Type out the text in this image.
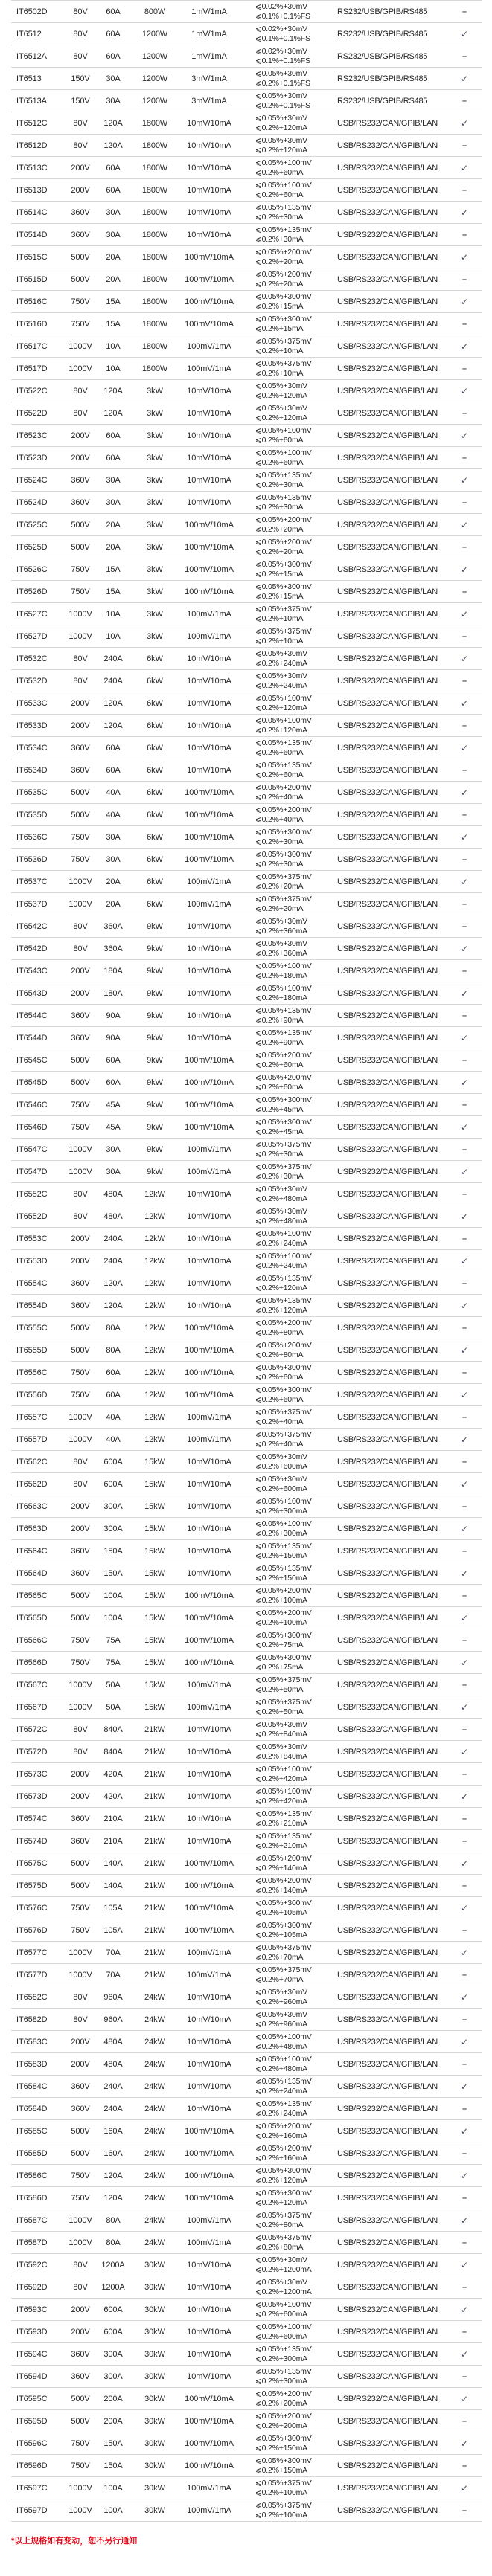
IT6502D	80V	60A	800W	1mV/1mA
⩽0.02%+30mV
⩽0.1%+0.1%FS	RS232/USB/GPIB/RS485	–
IT6512	80V	60A	1200W	1mV/1mA
⩽0.02%+30mV
⩽0.1%+0.1%FS	RS232/USB/GPIB/RS485	✓
IT6512A	80V	60A	1200W	1mV/1mA
⩽0.02%+30mV
⩽0.1%+0.1%FS	RS232/USB/GPIB/RS485	–
IT6513	150V	30A	1200W	3mV/1mA
⩽0.05%+30mV
⩽0.2%+0.1%FS	RS232/USB/GPIB/RS485	✓
IT6513A	150V	30A	1200W	3mV/1mA
⩽0.05%+30mV
⩽0.2%+0.1%FS	RS232/USB/GPIB/RS485	–
IT6512C	80V	120A	1800W	10mV/10mA
⩽0.05%+30mV
⩽0.2%+120mA	USB/RS232/CAN/GPIB/LAN	✓
IT6512D	80V	120A	1800W	10mV/10mA
⩽0.05%+30mV
⩽0.2%+120mA	USB/RS232/CAN/GPIB/LAN	–
IT6513C	200V	60A	1800W	10mV/10mA
⩽0.05%+100mV
⩽0.2%+60mA	USB/RS232/CAN/GPIB/LAN	✓
IT6513D	200V	60A	1800W	10mV/10mA
⩽0.05%+100mV
⩽0.2%+60mA	USB/RS232/CAN/GPIB/LAN	–
IT6514C	360V	30A	1800W	10mV/10mA
⩽0.05%+135mV
⩽0.2%+30mA	USB/RS232/CAN/GPIB/LAN	✓
IT6514D	360V	30A	1800W	10mV/10mA
⩽0.05%+135mV
⩽0.2%+30mA	USB/RS232/CAN/GPIB/LAN	–
IT6515C	500V	20A	1800W	100mV/10mA
⩽0.05%+200mV
⩽0.2%+20mA	USB/RS232/CAN/GPIB/LAN	✓
IT6515D	500V	20A	1800W	100mV/10mA
⩽0.05%+200mV
⩽0.2%+20mA	USB/RS232/CAN/GPIB/LAN	–
IT6516C	750V	15A	1800W	100mV/10mA
⩽0.05%+300mV
⩽0.2%+15mA	USB/RS232/CAN/GPIB/LAN	✓
IT6516D	750V	15A	1800W	100mV/10mA
⩽0.05%+300mV
⩽0.2%+15mA	USB/RS232/CAN/GPIB/LAN	–
IT6517C	1000V	10A	1800W	100mV/1mA
⩽0.05%+375mV
⩽0.2%+10mA	USB/RS232/CAN/GPIB/LAN	✓
IT6517D	1000V	10A	1800W	100mV/1mA
⩽0.05%+375mV
⩽0.2%+10mA	USB/RS232/CAN/GPIB/LAN	–
IT6522C	80V	120A	3kW	10mV/10mA
⩽0.05%+30mV
⩽0.2%+120mA	USB/RS232/CAN/GPIB/LAN	✓
IT6522D	80V	120A	3kW	10mV/10mA
⩽0.05%+30mV
⩽0.2%+120mA	USB/RS232/CAN/GPIB/LAN	–
IT6523C	200V	60A	3kW	10mV/10mA
⩽0.05%+100mV
⩽0.2%+60mA	USB/RS232/CAN/GPIB/LAN	✓
IT6523D	200V	60A	3kW	10mV/10mA
⩽0.05%+100mV
⩽0.2%+60mA	USB/RS232/CAN/GPIB/LAN	–
IT6524C	360V	30A	3kW	10mV/10mA
⩽0.05%+135mV
⩽0.2%+30mA	USB/RS232/CAN/GPIB/LAN	✓
IT6524D	360V	30A	3kW	10mV/10mA
⩽0.05%+135mV
⩽0.2%+30mA	USB/RS232/CAN/GPIB/LAN	–
IT6525C	500V	20A	3kW	100mV/10mA
⩽0.05%+200mV
⩽0.2%+20mA	USB/RS232/CAN/GPIB/LAN	✓
IT6525D	500V	20A	3kW	100mV/10mA
⩽0.05%+200mV
⩽0.2%+20mA	USB/RS232/CAN/GPIB/LAN	–
IT6526C	750V	15A	3kW	100mV/10mA
⩽0.05%+300mV
⩽0.2%+15mA	USB/RS232/CAN/GPIB/LAN	✓
IT6526D	750V	15A	3kW	100mV/10mA
⩽0.05%+300mV
⩽0.2%+15mA	USB/RS232/CAN/GPIB/LAN	–
IT6527C	1000V	10A	3kW	100mV/1mA
⩽0.05%+375mV
⩽0.2%+10mA	USB/RS232/CAN/GPIB/LAN	✓
IT6527D	1000V	10A	3kW	100mV/1mA
⩽0.05%+375mV
⩽0.2%+10mA	USB/RS232/CAN/GPIB/LAN	–
IT6532C	80V	240A	6kW	10mV/10mA
⩽0.05%+30mV
⩽0.2%+240mA	USB/RS232/CAN/GPIB/LAN	✓
IT6532D	80V	240A	6kW	10mV/10mA
⩽0.05%+30mV
⩽0.2%+240mA	USB/RS232/CAN/GPIB/LAN	–
IT6533C	200V	120A	6kW	10mV/10mA
⩽0.05%+100mV
⩽0.2%+120mA	USB/RS232/CAN/GPIB/LAN	✓
IT6533D	200V	120A	6kW	10mV/10mA
⩽0.05%+100mV
⩽0.2%+120mA	USB/RS232/CAN/GPIB/LAN	–
IT6534C	360V	60A	6kW	10mV/10mA
⩽0.05%+135mV
⩽0.2%+60mA	USB/RS232/CAN/GPIB/LAN	✓
IT6534D	360V	60A	6kW	10mV/10mA
⩽0.05%+135mV
⩽0.2%+60mA	USB/RS232/CAN/GPIB/LAN	–
IT6535C	500V	40A	6kW	100mV/10mA
⩽0.05%+200mV
⩽0.2%+40mA	USB/RS232/CAN/GPIB/LAN	✓
IT6535D	500V	40A	6kW	100mV/10mA
⩽0.05%+200mV
⩽0.2%+40mA	USB/RS232/CAN/GPIB/LAN	–
IT6536C	750V	30A	6kW	100mV/10mA
⩽0.05%+300mV
⩽0.2%+30mA	USB/RS232/CAN/GPIB/LAN	✓
IT6536D	750V	30A	6kW	100mV/10mA
⩽0.05%+300mV
⩽0.2%+30mA	USB/RS232/CAN/GPIB/LAN	–
IT6537C	1000V	20A	6kW	100mV/1mA
⩽0.05%+375mV
⩽0.2%+20mA	USB/RS232/CAN/GPIB/LAN	✓
IT6537D	1000V	20A	6kW	100mV/1mA
⩽0.05%+375mV
⩽0.2%+20mA	USB/RS232/CAN/GPIB/LAN	–
IT6542C	80V	360A	9kW	10mV/10mA
⩽0.05%+30mV
⩽0.2%+360mA	USB/RS232/CAN/GPIB/LAN	–
IT6542D	80V	360A	9kW	10mV/10mA
⩽0.05%+30mV
⩽0.2%+360mA	USB/RS232/CAN/GPIB/LAN	✓
IT6543C	200V	180A	9kW	10mV/10mA
⩽0.05%+100mV
⩽0.2%+180mA	USB/RS232/CAN/GPIB/LAN	–
IT6543D	200V	180A	9kW	10mV/10mA
⩽0.05%+100mV
⩽0.2%+180mA	USB/RS232/CAN/GPIB/LAN	✓
IT6544C	360V	90A	9kW	10mV/10mA
⩽0.05%+135mV
⩽0.2%+90mA	USB/RS232/CAN/GPIB/LAN	–
IT6544D	360V	90A	9kW	10mV/10mA
⩽0.05%+135mV
⩽0.2%+90mA	USB/RS232/CAN/GPIB/LAN	✓
IT6545C	500V	60A	9kW	100mV/10mA
⩽0.05%+200mV
⩽0.2%+60mA	USB/RS232/CAN/GPIB/LAN	–
IT6545D	500V	60A	9kW	100mV/10mA
⩽0.05%+200mV
⩽0.2%+60mA	USB/RS232/CAN/GPIB/LAN	✓
IT6546C	750V	45A	9kW	100mV/10mA
⩽0.05%+300mV
⩽0.2%+45mA	USB/RS232/CAN/GPIB/LAN	–
IT6546D	750V	45A	9kW	100mV/10mA
⩽0.05%+300mV
⩽0.2%+45mA	USB/RS232/CAN/GPIB/LAN	✓
IT6547C	1000V	30A	9kW	100mV/1mA
⩽0.05%+375mV
⩽0.2%+30mA	USB/RS232/CAN/GPIB/LAN	–
IT6547D	1000V	30A	9kW	100mV/1mA
⩽0.05%+375mV
⩽0.2%+30mA	USB/RS232/CAN/GPIB/LAN	✓
IT6552C	80V	480A	12kW	10mV/10mA
⩽0.05%+30mV
⩽0.2%+480mA	USB/RS232/CAN/GPIB/LAN	–
IT6552D	80V	480A	12kW	10mV/10mA
⩽0.05%+30mV
⩽0.2%+480mA	USB/RS232/CAN/GPIB/LAN	✓
IT6553C	200V	240A	12kW	10mV/10mA
⩽0.05%+100mV
⩽0.2%+240mA	USB/RS232/CAN/GPIB/LAN	–
IT6553D	200V	240A	12kW	10mV/10mA
⩽0.05%+100mV
⩽0.2%+240mA	USB/RS232/CAN/GPIB/LAN	✓
IT6554C	360V	120A	12kW	10mV/10mA
⩽0.05%+135mV
⩽0.2%+120mA	USB/RS232/CAN/GPIB/LAN	–
IT6554D	360V	120A	12kW	10mV/10mA
⩽0.05%+135mV
⩽0.2%+120mA	USB/RS232/CAN/GPIB/LAN	✓
IT6555C	500V	80A	12kW	100mV/10mA
⩽0.05%+200mV
⩽0.2%+80mA	USB/RS232/CAN/GPIB/LAN	–
IT6555D	500V	80A	12kW	100mV/10mA
⩽0.05%+200mV
⩽0.2%+80mA	USB/RS232/CAN/GPIB/LAN	✓
IT6556C	750V	60A	12kW	100mV/10mA
⩽0.05%+300mV
⩽0.2%+60mA	USB/RS232/CAN/GPIB/LAN	–
IT6556D	750V	60A	12kW	100mV/10mA
⩽0.05%+300mV
⩽0.2%+60mA	USB/RS232/CAN/GPIB/LAN	✓
IT6557C	1000V	40A	12kW	100mV/1mA
⩽0.05%+375mV
⩽0.2%+40mA	USB/RS232/CAN/GPIB/LAN	–
IT6557D	1000V	40A	12kW	100mV/1mA
⩽0.05%+375mV
⩽0.2%+40mA	USB/RS232/CAN/GPIB/LAN	✓
IT6562C	80V	600A	15kW	10mV/10mA
⩽0.05%+30mV
⩽0.2%+600mA	USB/RS232/CAN/GPIB/LAN	–
IT6562D	80V	600A	15kW	10mV/10mA
⩽0.05%+30mV
⩽0.2%+600mA	USB/RS232/CAN/GPIB/LAN	✓
IT6563C	200V	300A	15kW	10mV/10mA
⩽0.05%+100mV
⩽0.2%+300mA	USB/RS232/CAN/GPIB/LAN	–
IT6563D	200V	300A	15kW	10mV/10mA
⩽0.05%+100mV
⩽0.2%+300mA	USB/RS232/CAN/GPIB/LAN	✓
IT6564C	360V	150A	15kW	10mV/10mA
⩽0.05%+135mV
⩽0.2%+150mA	USB/RS232/CAN/GPIB/LAN	–
IT6564D	360V	150A	15kW	10mV/10mA
⩽0.05%+135mV
⩽0.2%+150mA	USB/RS232/CAN/GPIB/LAN	✓
IT6565C	500V	100A	15kW	100mV/10mA
⩽0.05%+200mV
⩽0.2%+100mA	USB/RS232/CAN/GPIB/LAN	–
IT6565D	500V	100A	15kW	100mV/10mA
⩽0.05%+200mV
⩽0.2%+100mA	USB/RS232/CAN/GPIB/LAN	✓
IT6566C	750V	75A	15kW	100mV/10mA
⩽0.05%+300mV
⩽0.2%+75mA	USB/RS232/CAN/GPIB/LAN	–
IT6566D	750V	75A	15kW	100mV/10mA
⩽0.05%+300mV
⩽0.2%+75mA	USB/RS232/CAN/GPIB/LAN	✓
IT6567C	1000V	50A	15kW	100mV/1mA
⩽0.05%+375mV
⩽0.2%+50mA	USB/RS232/CAN/GPIB/LAN	–
IT6567D	1000V	50A	15kW	100mV/1mA
⩽0.05%+375mV
⩽0.2%+50mA	USB/RS232/CAN/GPIB/LAN	✓
IT6572C	80V	840A	21kW	10mV/10mA
⩽0.05%+30mV
⩽0.2%+840mA	USB/RS232/CAN/GPIB/LAN	–
IT6572D	80V	840A	21kW	10mV/10mA
⩽0.05%+30mV
⩽0.2%+840mA	USB/RS232/CAN/GPIB/LAN	✓
IT6573C	200V	420A	21kW	10mV/10mA
⩽0.05%+100mV
⩽0.2%+420mA	USB/RS232/CAN/GPIB/LAN	–
IT6573D	200V	420A	21kW	10mV/10mA
⩽0.05%+100mV
⩽0.2%+420mA	USB/RS232/CAN/GPIB/LAN	✓
IT6574C	360V	210A	21kW	10mV/10mA
⩽0.05%+135mV
⩽0.2%+210mA	USB/RS232/CAN/GPIB/LAN	–
IT6574D	360V	210A	21kW	10mV/10mA
⩽0.05%+135mV
⩽0.2%+210mA	USB/RS232/CAN/GPIB/LAN	–
IT6575C	500V	140A	21kW	100mV/10mA
⩽0.05%+200mV
⩽0.2%+140mA	USB/RS232/CAN/GPIB/LAN	✓
IT6575D	500V	140A	21kW	100mV/10mA
⩽0.05%+200mV
⩽0.2%+140mA	USB/RS232/CAN/GPIB/LAN	–
IT6576C	750V	105A	21kW	100mV/10mA
⩽0.05%+300mV
⩽0.2%+105mA	USB/RS232/CAN/GPIB/LAN	✓
IT6576D	750V	105A	21kW	100mV/10mA
⩽0.05%+300mV
⩽0.2%+105mA	USB/RS232/CAN/GPIB/LAN	–
IT6577C	1000V	70A	21kW	100mV/1mA
⩽0.05%+375mV
⩽0.2%+70mA	USB/RS232/CAN/GPIB/LAN	✓
IT6577D	1000V	70A	21kW	100mV/1mA
⩽0.05%+375mV
⩽0.2%+70mA	USB/RS232/CAN/GPIB/LAN	–
IT6582C	80V	960A	24kW	10mV/10mA
⩽0.05%+30mV
⩽0.2%+960mA	USB/RS232/CAN/GPIB/LAN	✓
IT6582D	80V	960A	24kW	10mV/10mA
⩽0.05%+30mV
⩽0.2%+960mA	USB/RS232/CAN/GPIB/LAN	–
IT6583C	200V	480A	24kW	10mV/10mA
⩽0.05%+100mV
⩽0.2%+480mA	USB/RS232/CAN/GPIB/LAN	✓
IT6583D	200V	480A	24kW	10mV/10mA
⩽0.05%+100mV
⩽0.2%+480mA	USB/RS232/CAN/GPIB/LAN	–
IT6584C	360V	240A	24kW	10mV/10mA
⩽0.05%+135mV
⩽0.2%+240mA	USB/RS232/CAN/GPIB/LAN	✓
IT6584D	360V	240A	24kW	10mV/10mA
⩽0.05%+135mV
⩽0.2%+240mA	USB/RS232/CAN/GPIB/LAN	–
IT6585C	500V	160A	24kW	100mV/10mA
⩽0.05%+200mV
⩽0.2%+160mA	USB/RS232/CAN/GPIB/LAN	✓
IT6585D	500V	160A	24kW	100mV/10mA
⩽0.05%+200mV
⩽0.2%+160mA	USB/RS232/CAN/GPIB/LAN	–
IT6586C	750V	120A	24kW	100mV/10mA
⩽0.05%+300mV
⩽0.2%+120mA	USB/RS232/CAN/GPIB/LAN	✓
IT6586D	750V	120A	24kW	100mV/10mA
⩽0.05%+300mV
⩽0.2%+120mA	USB/RS232/CAN/GPIB/LAN	–
IT6587C	1000V	80A	24kW	100mV/1mA
⩽0.05%+375mV
⩽0.2%+80mA	USB/RS232/CAN/GPIB/LAN	✓
IT6587D	1000V	80A	24kW	100mV/1mA
⩽0.05%+375mV
⩽0.2%+80mA	USB/RS232/CAN/GPIB/LAN	–
IT6592C	80V	1200A	30kW	10mV/10mA
⩽0.05%+30mV
⩽0.2%+1200mA	USB/RS232/CAN/GPIB/LAN	✓
IT6592D	80V	1200A	30kW	10mV/10mA
⩽0.05%+30mV
⩽0.2%+1200mA	USB/RS232/CAN/GPIB/LAN	–
IT6593C	200V	600A	30kW	10mV/10mA
⩽0.05%+100mV
⩽0.2%+600mA	USB/RS232/CAN/GPIB/LAN	✓
IT6593D	200V	600A	30kW	10mV/10mA
⩽0.05%+100mV
⩽0.2%+600mA	USB/RS232/CAN/GPIB/LAN	–
IT6594C	360V	300A	30kW	10mV/10mA
⩽0.05%+135mV
⩽0.2%+300mA	USB/RS232/CAN/GPIB/LAN	✓
IT6594D	360V	300A	30kW	10mV/10mA
⩽0.05%+135mV
⩽0.2%+300mA	USB/RS232/CAN/GPIB/LAN	–
IT6595C	500V	200A	30kW	100mV/10mA
⩽0.05%+200mV
⩽0.2%+200mA	USB/RS232/CAN/GPIB/LAN	✓
IT6595D	500V	200A	30kW	100mV/10mA
⩽0.05%+200mV
⩽0.2%+200mA	USB/RS232/CAN/GPIB/LAN	–
IT6596C	750V	150A	30kW	100mV/10mA
⩽0.05%+300mV
⩽0.2%+150mA	USB/RS232/CAN/GPIB/LAN	✓
IT6596D	750V	150A	30kW	100mV/10mA
⩽0.05%+300mV
⩽0.2%+150mA	USB/RS232/CAN/GPIB/LAN	–
IT6597C	1000V	100A	30kW	100mV/1mA
⩽0.05%+375mV
⩽0.2%+100mA	USB/RS232/CAN/GPIB/LAN	✓
IT6597D	1000V	100A	30kW	100mV/1mA
⩽0.05%+375mV
⩽0.2%+100mA	USB/RS232/CAN/GPIB/LAN	–
*以上规格如有变动，恕不另行通知
